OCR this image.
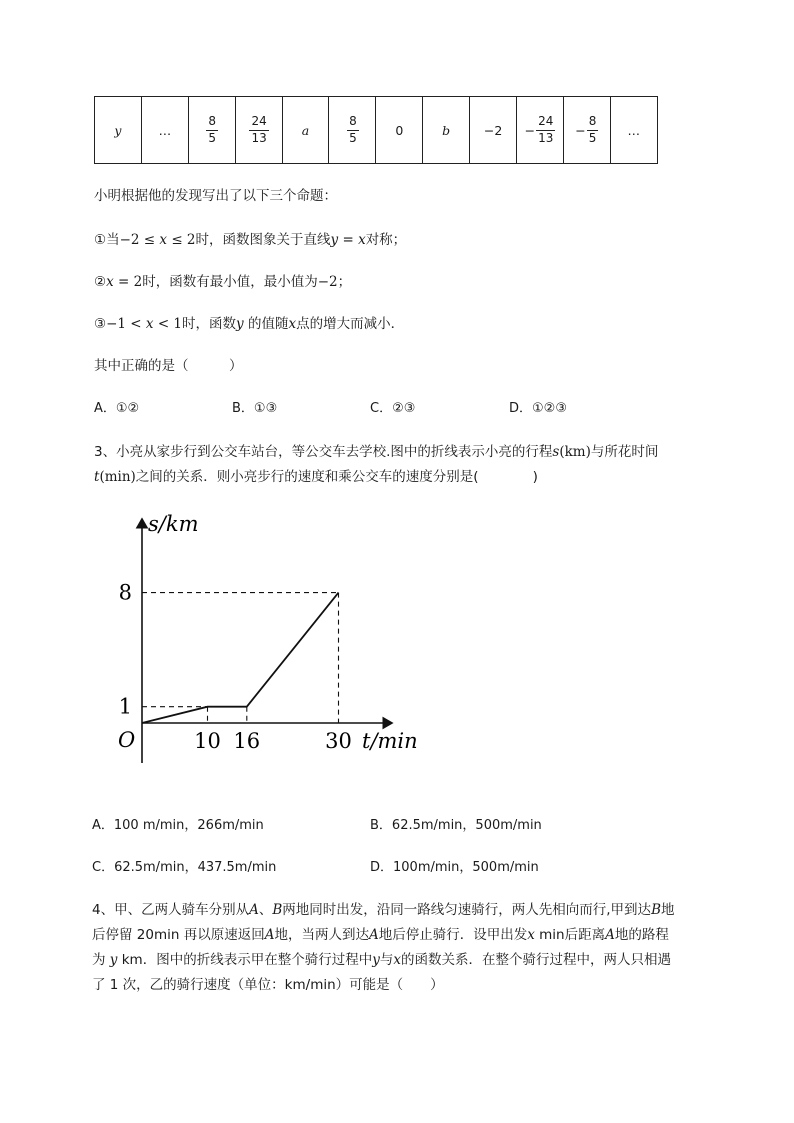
y	…	$\frac{8}{5}$	$\frac{24}{13}$	a	$\frac{8}{5}$	0	b	−2	− $\frac{24}{13}$	− $\frac{8}{5}$	…
小明根据他的发现写出了以下三个命题：
①当−2 ≤ x ≤ 2时，函数图象关于直线y = x对称；
②x = 2时，函数有最小值，最小值为−2；
③−1 < x < 1时，函数y 的值随x点的增大而减小．
其中正确的是（　　　）
A．①②	B．①③	C．②③	D．①②③
3、小亮从家步行到公交车站台，等公交车去学校.图中的折线表示小亮的行程s(km)与所花时间
t(min)之间的关系．则小亮步行的速度和乘公交车的速度分别是(　　　　)
10 16	30
1
8
s/km
t/min
O
A．100 m/min，266m/min	B．62.5m/min，500m/min
C．62.5m/min，437.5m/min	D．100m/min，500m/min
4、甲、乙两人骑车分别从A、B两地同时出发，沿同一路线匀速骑行，两人先相向而行,甲到达B地
后停留 20min 再以原速返回A地，当两人到达A地后停止骑行．设甲出发x min后距离A地的路程
为 y km．图中的折线表示甲在整个骑行过程中y与x的函数关系．在整个骑行过程中，两人只相遇
了 1 次，乙的骑行速度（单位：km/min）可能是（　　）
